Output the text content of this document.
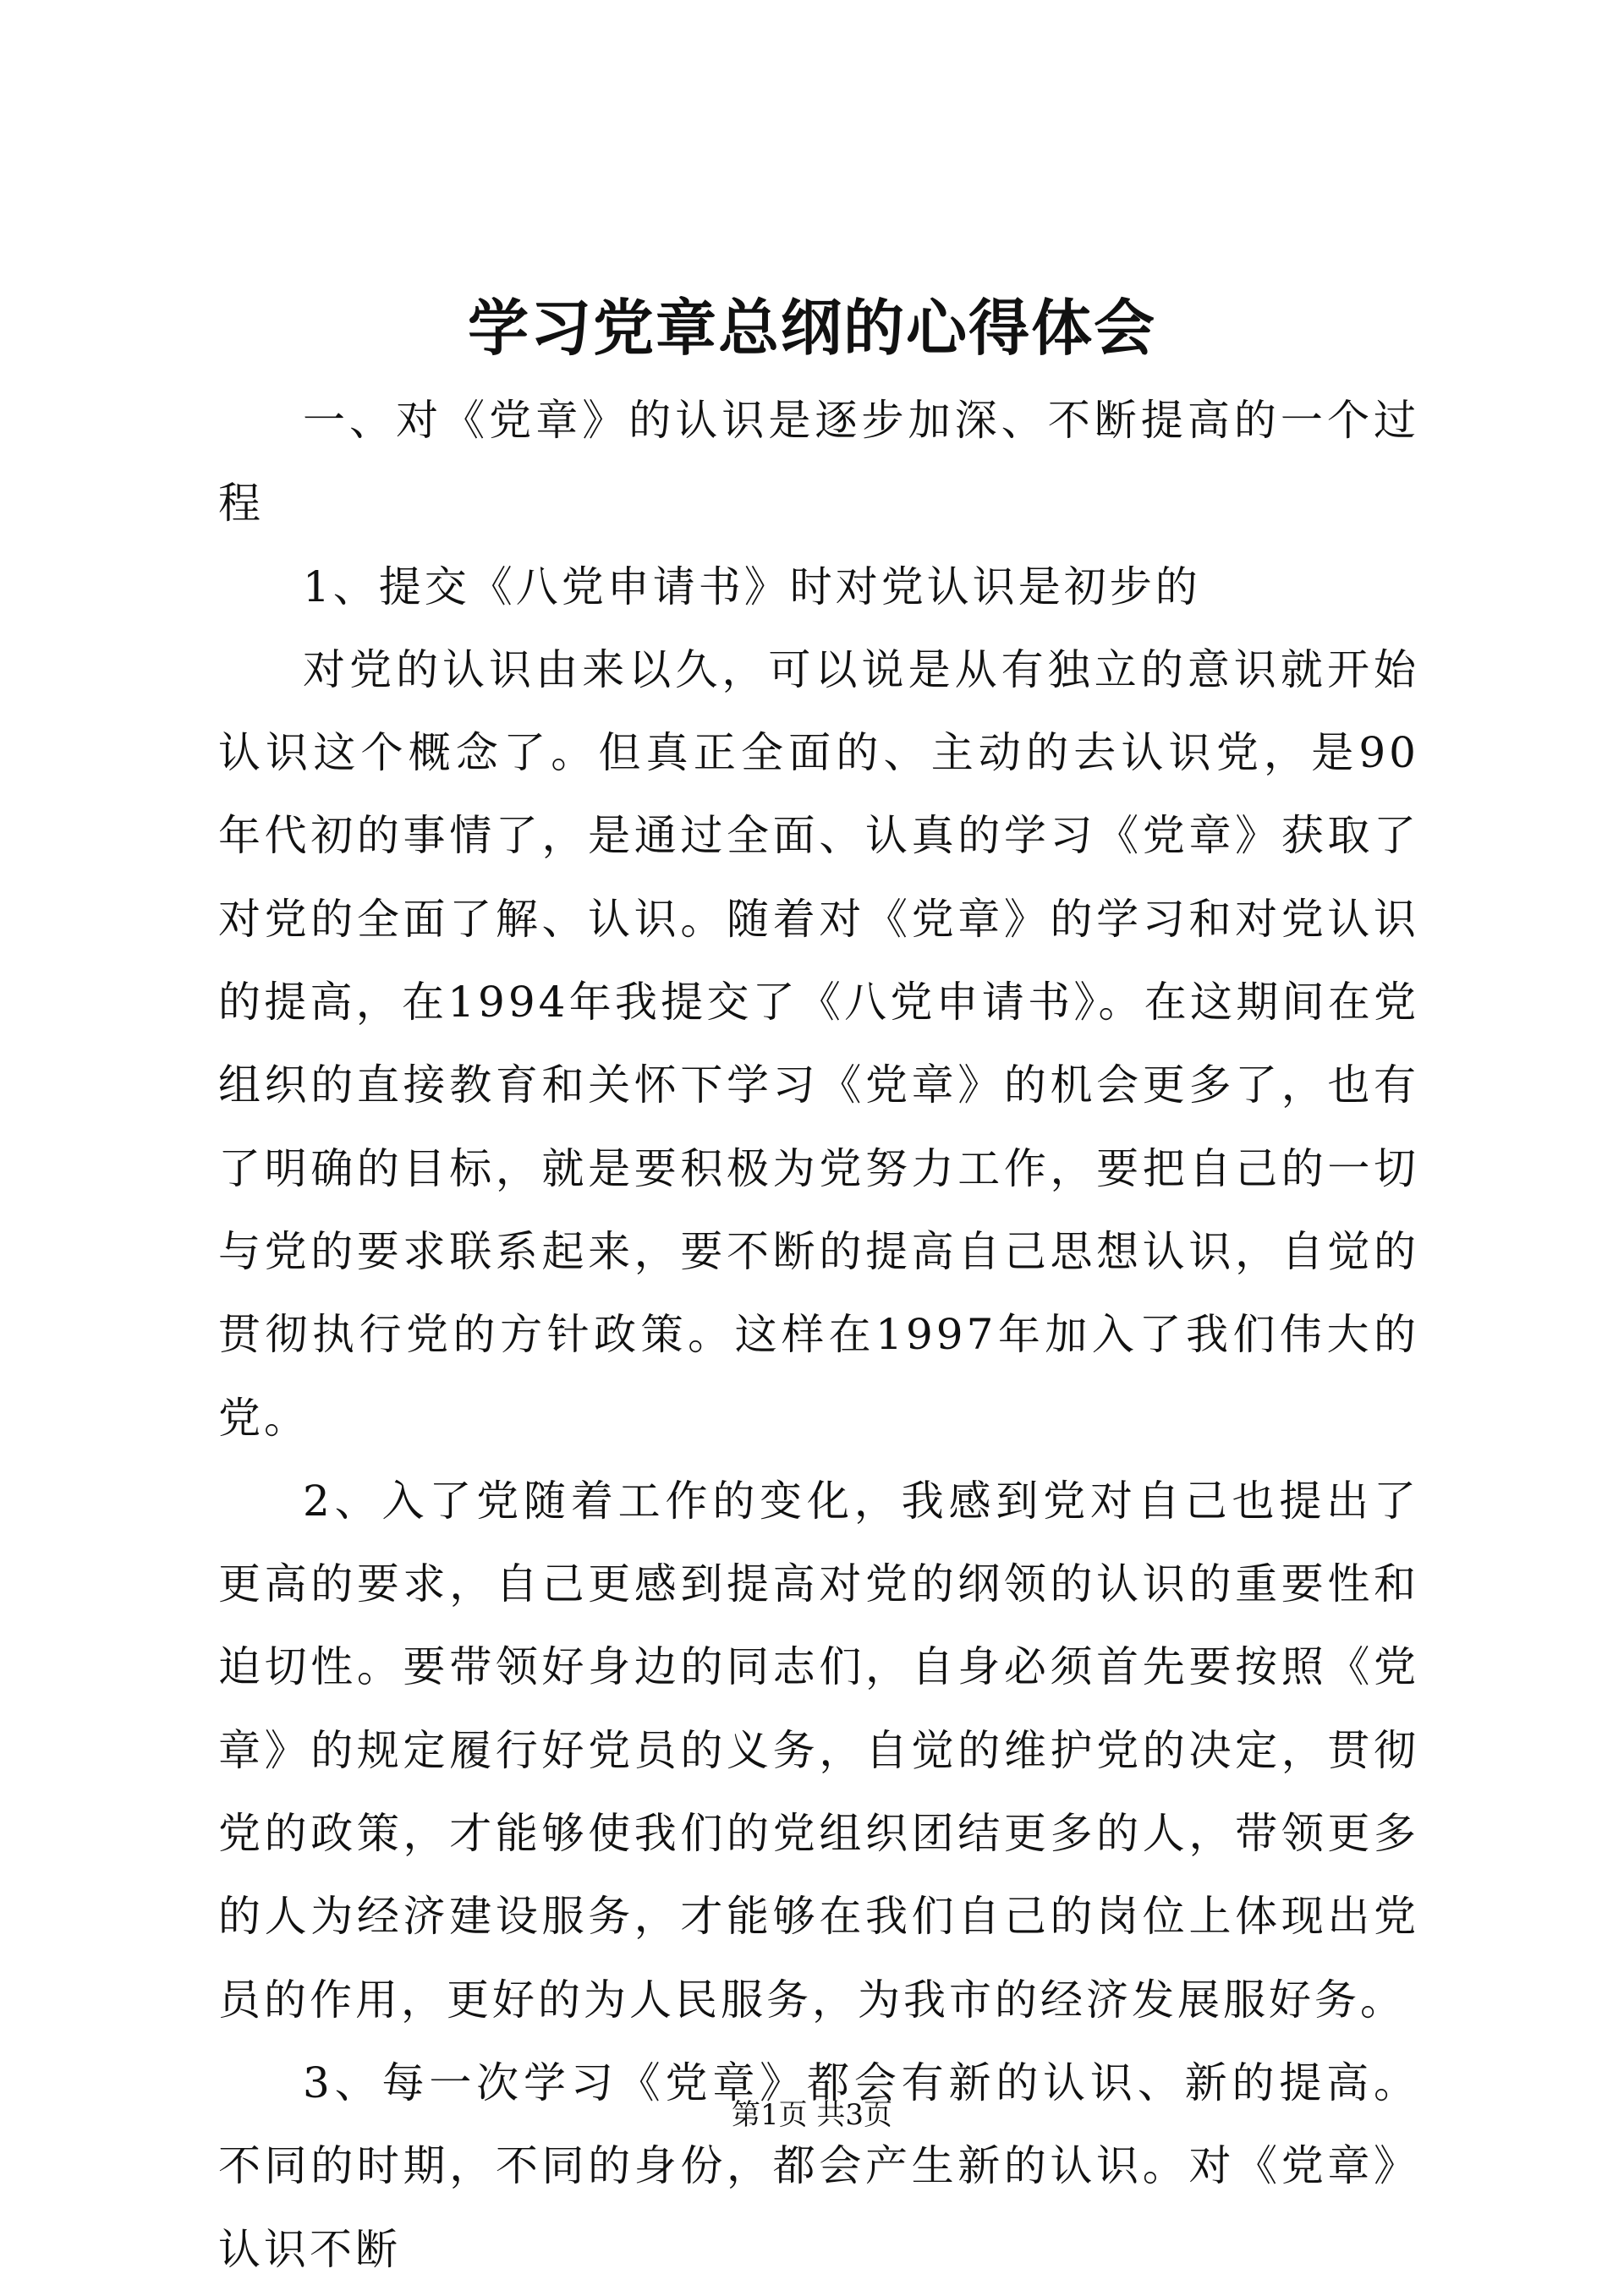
学习党章总纲的心得体会

一、对《党章》的认识是逐步加深、不断提高的一个过程

1、提交《八党申请书》时对党认识是初步的

对党的认识由来以久，可以说是从有独立的意识就开始认识这个概念了。但真正全面的、主动的去认识党，是90年代初的事情了，是通过全面、认真的学习《党章》获取了对党的全面了解、认识。随着对《党章》的学习和对党认识的提高，在1994年我提交了《八党申请书》。在这期间在党组织的直接教育和关怀下学习《党章》的机会更多了，也有了明确的目标，就是要积极为党努力工作，要把自己的一切与党的要求联系起来，要不断的提高自己思想认识，自觉的贯彻执行党的方针政策。这样在1997年加入了我们伟大的党。

2、入了党随着工作的变化，我感到党对自己也提出了更高的要求，自己更感到提高对党的纲领的认识的重要性和迫切性。要带领好身边的同志们，自身必须首先要按照《党章》的规定履行好党员的义务，自觉的维护党的决定，贯彻党的政策，才能够使我们的党组织团结更多的人，带领更多的人为经济建设服务，才能够在我们自己的岗位上体现出党员的作用，更好的为人民服务，为我市的经济发展服好务。

3、每一次学习《党章》都会有新的认识、新的提高。不同的时期，不同的身份，都会产生新的认识。对《党章》认识不断

第1页 共3页
